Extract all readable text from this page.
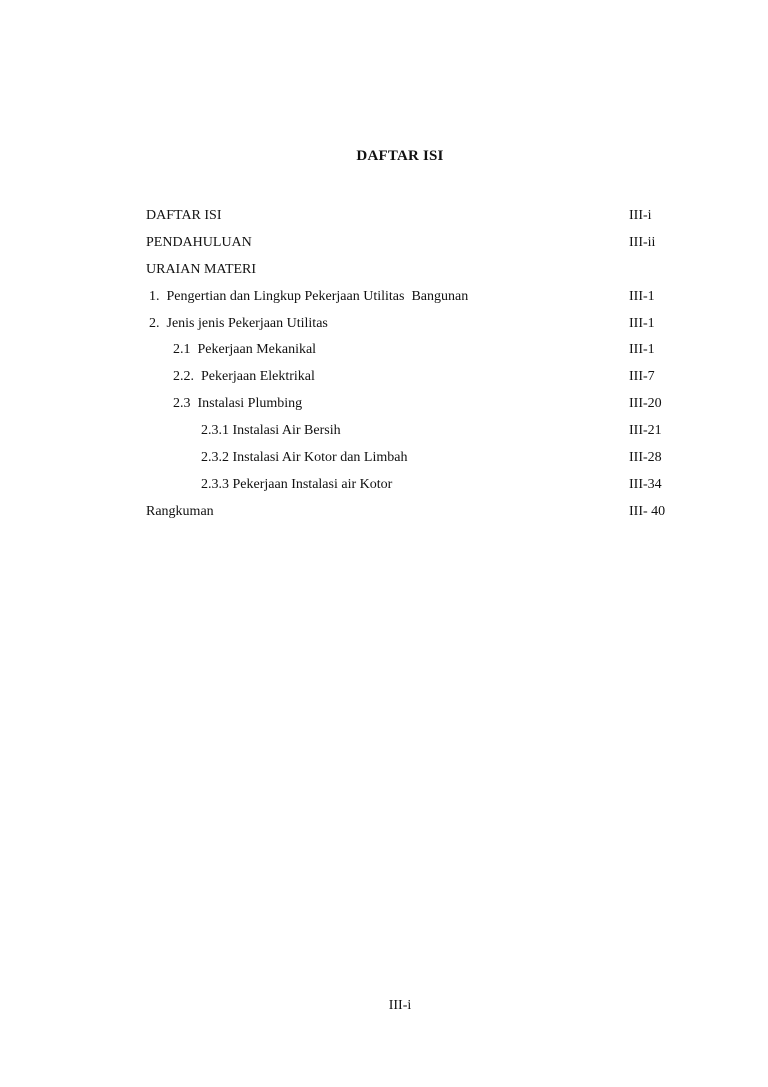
DAFTAR ISI
DAFTAR ISI	III-i
PENDAHULUAN	III-ii
URAIAN MATERI
1.  Pengertian dan Lingkup Pekerjaan Utilitas  Bangunan	III-1
2.  Jenis jenis Pekerjaan Utilitas	III-1
2.1  Pekerjaan Mekanikal	III-1
2.2.  Pekerjaan Elektrikal	III-7
2.3  Instalasi Plumbing	III-20
2.3.1 Instalasi Air Bersih	III-21
2.3.2 Instalasi Air Kotor dan Limbah	III-28
2.3.3 Pekerjaan Instalasi air Kotor	III-34
Rangkuman	III- 40
III-i
